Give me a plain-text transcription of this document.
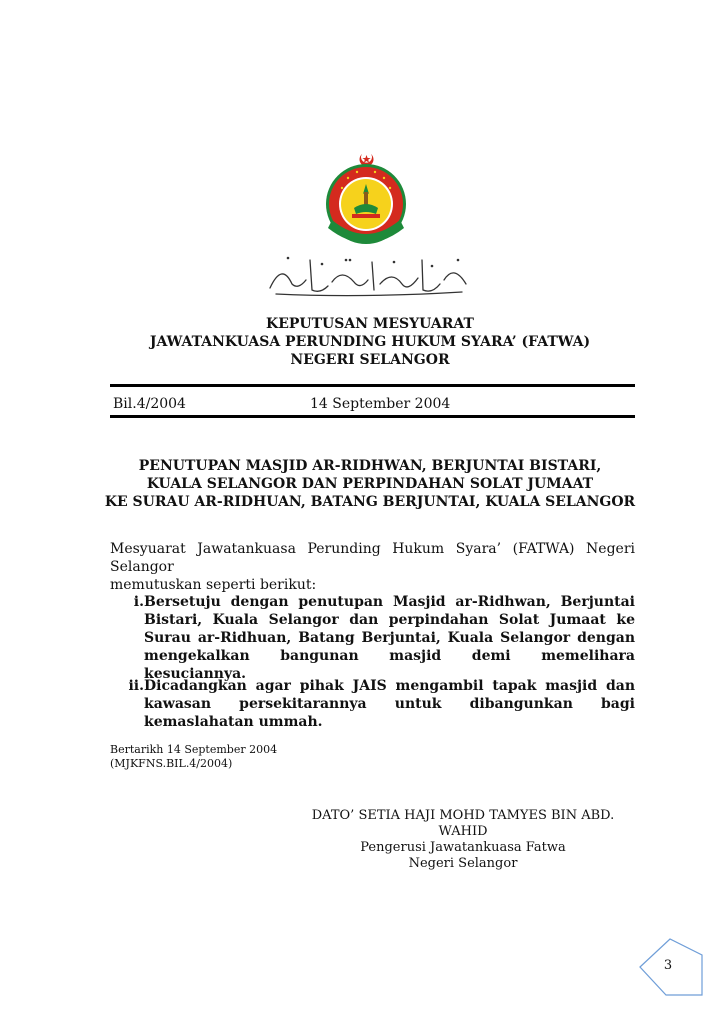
KEPUTUSAN MESYUARAT
JAWATANKUASA PERUNDING HUKUM SYARA’ (FATWA)
NEGERI SELANGOR
Bil.4/2004	14 September 2004
PENUTUPAN MASJID AR-RIDHWAN, BERJUNTAI BISTARI,
KUALA SELANGOR DAN PERPINDAHAN SOLAT JUMAAT
KE SURAU AR-RIDHUAN, BATANG BERJUNTAI, KUALA SELANGOR
Mesyuarat Jawatankuasa Perunding Hukum Syara’ (FATWA) Negeri Selangor
memutuskan seperti berikut:
i. Bersetuju dengan penutupan Masjid ar-Ridhwan, Berjuntai Bistari, Kuala Selangor dan perpindahan Solat Jumaat ke Surau ar-Ridhuan, Batang Berjuntai, Kuala Selangor dengan mengekalkan bangunan masjid demi memelihara kesuciannya.
ii. Dicadangkan agar pihak JAIS mengambil tapak masjid dan kawasan persekitarannya untuk dibangunkan bagi kemaslahatan ummah.
Bertarikh 14 September 2004
(MJKFNS.BIL.4/2004)
DATO’ SETIA HAJI MOHD TAMYES BIN ABD. WAHID
Pengerusi Jawatankuasa Fatwa
Negeri Selangor
3
